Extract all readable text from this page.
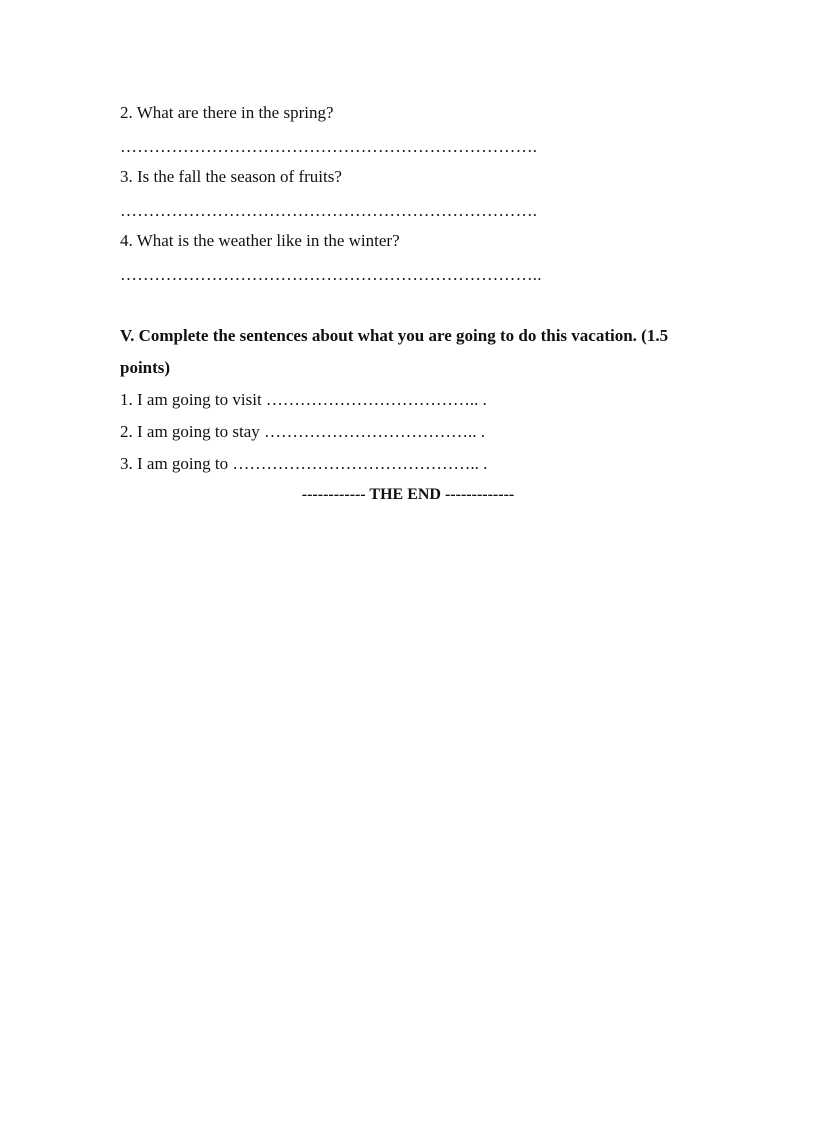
2. What are there in the spring?
……………………………………………………………….
3. Is the fall the season of fruits?
……………………………………………………………….
4. What is the weather like in the winter?
………………………………………………………………..
V. Complete the sentences about what you are going to do this vacation. (1.5
points)
1. I am going to visit ……………………………….. .
2. I am going to stay ……………………………….. .
3. I am going to …………………………………….. .
------------ THE END -------------
